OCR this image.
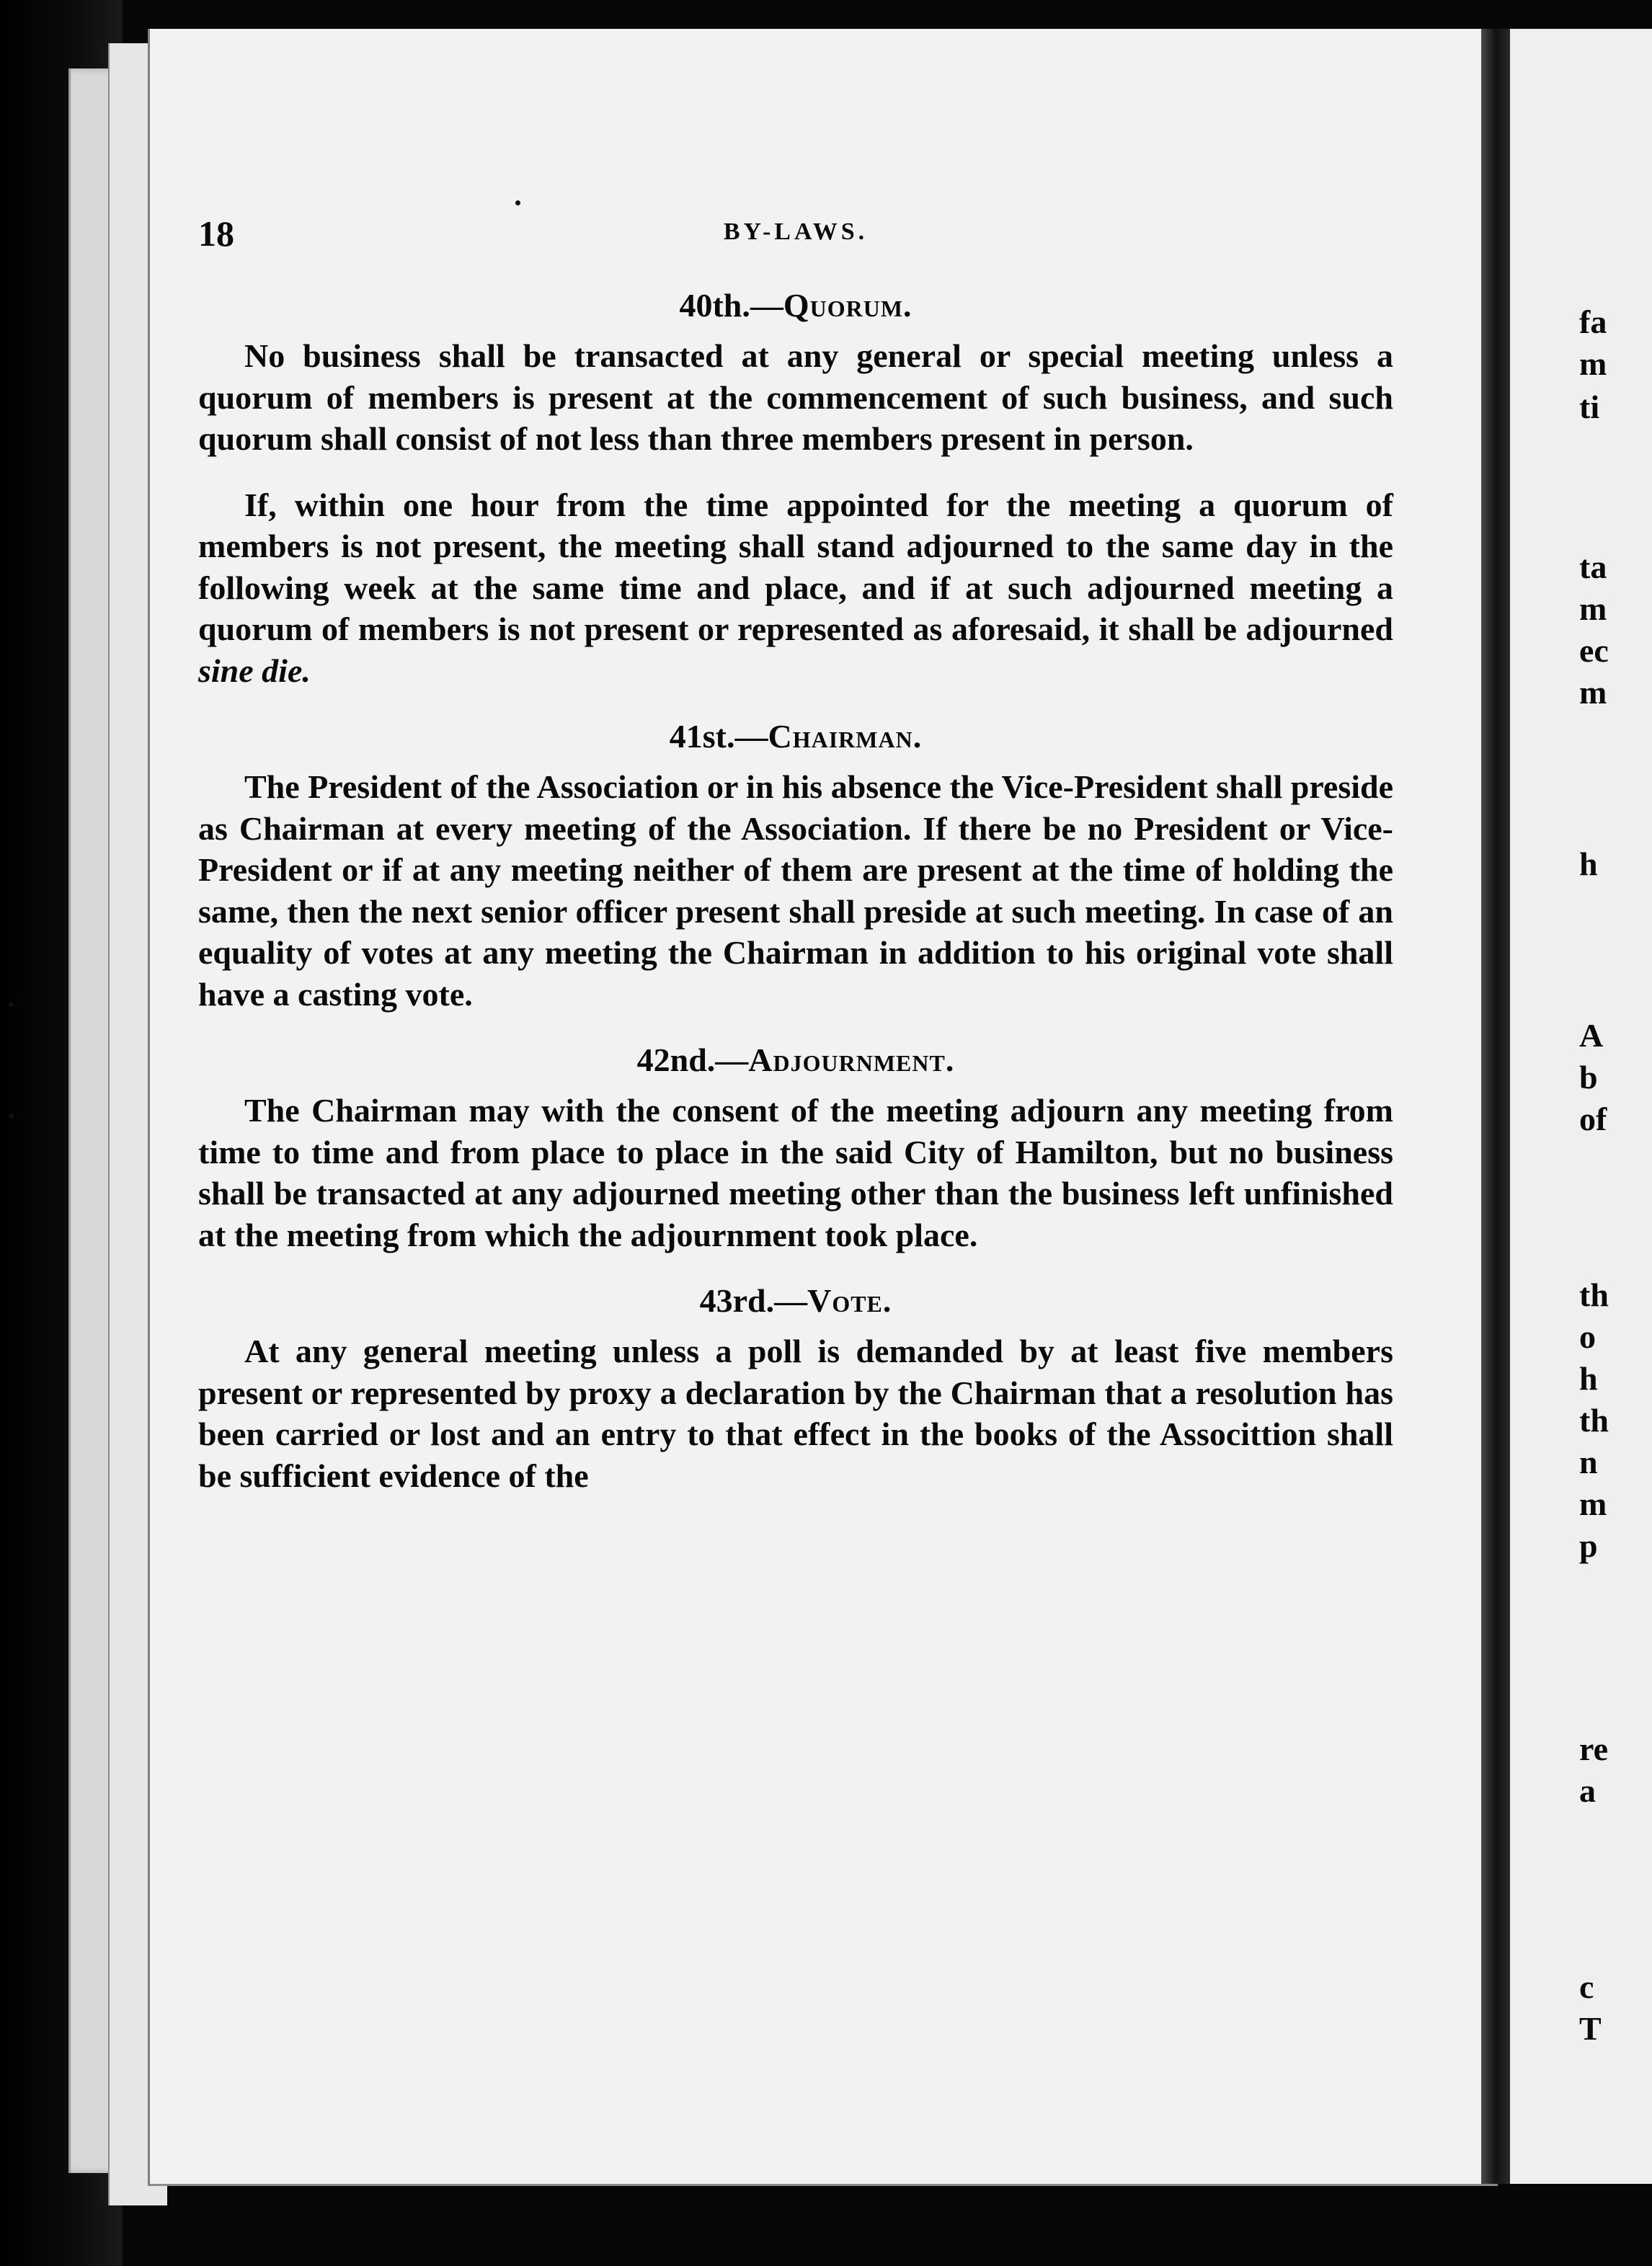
fa
m
ti
ta
m
ec
m
h
A
b
of
th
o
h
th
n
m
p
re
a
c
T
18	BY-LAWS.
40th.—Quorum.

No business shall be transacted at any general or special meeting unless a quorum of members is present at the commencement of such business, and such quorum shall consist of not less than three members present in person.

If, within one hour from the time appointed for the meeting a quorum of members is not present, the meeting shall stand adjourned to the same day in the following week at the same time and place, and if at such adjourned meeting a quorum of members is not present or represented as aforesaid, it shall be adjourned sine die.

41st.—Chairman.

The President of the Association or in his absence the Vice-President shall preside as Chairman at every meeting of the Association. If there be no President or Vice-President or if at any meeting neither of them are present at the time of holding the same, then the next senior officer present shall preside at such meeting. In case of an equality of votes at any meeting the Chairman in addition to his original vote shall have a casting vote.

42nd.—Adjournment.

The Chairman may with the consent of the meeting adjourn any meeting from time to time and from place to place in the said City of Hamilton, but no business shall be transacted at any adjourned meeting other than the business left unfinished at the meeting from which the adjournment took place.

43rd.—Vote.

At any general meeting unless a poll is demanded by at least five members present or represented by proxy a declaration by the Chairman that a resolution has been carried or lost and an entry to that effect in the books of the Associttion shall be sufficient evidence of the
